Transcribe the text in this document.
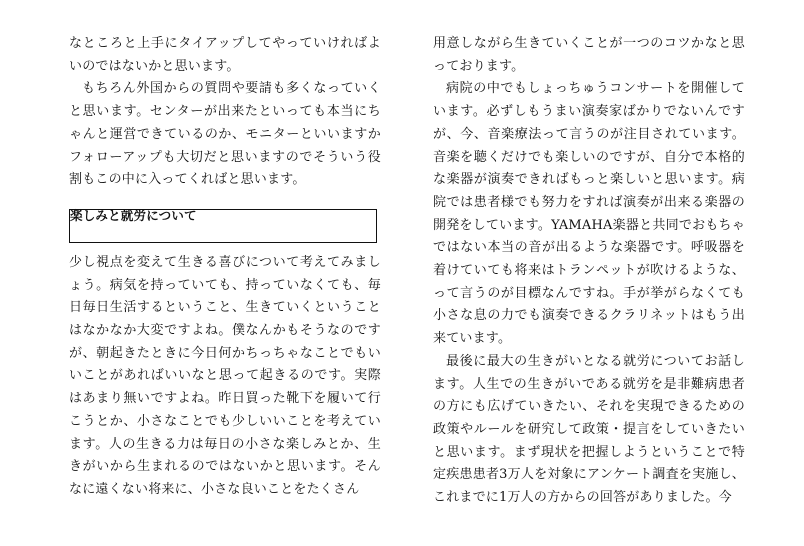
なところと上手にタイアップしてやっていければよいのではないかと思います。

もちろん外国からの質問や要請も多くなっていくと思います。センターが出来たといっても本当にちゃんと運営できているのか、モニターといいますかフォローアップも大切だと思いますのでそういう役割もこの中に入ってくればと思います。

楽しみと就労について

少し視点を変えて生きる喜びについて考えてみましょう。病気を持っていても、持っていなくても、毎日毎日生活するということ、生きていくということはなかなか大変ですよね。僕なんかもそうなのですが、朝起きたときに今日何かちっちゃなことでもいいことがあればいいなと思って起きるのです。実際はあまり無いですよね。昨日買った靴下を履いて行こうとか、小さなことでも少しいいことを考えています。人の生きる力は毎日の小さな楽しみとか、生きがいから生まれるのではないかと思います。そんなに遠くない将来に、小さな良いことをたくさん

用意しながら生きていくことが一つのコツかなと思っております。

病院の中でもしょっちゅうコンサートを開催しています。必ずしもうまい演奏家ばかりでないんですが、今、音楽療法って言うのが注目されています。音楽を聴くだけでも楽しいのですが、自分で本格的な楽器が演奏できればもっと楽しいと思います。病院では患者様でも努力をすれば演奏が出来る楽器の開発をしています。YAMAHA楽器と共同でおもちゃではない本当の音が出るような楽器です。呼吸器を着けていても将来はトランペットが吹けるような、って言うのが目標なんですね。手が挙がらなくても小さな息の力でも演奏できるクラリネットはもう出来ています。

最後に最大の生きがいとなる就労についてお話します。人生での生きがいである就労を是非難病患者の方にも広げていきたい、それを実現できるための政策やルールを研究して政策・提言をしていきたいと思います。まず現状を把握しようということで特定疾患患者3万人を対象にアンケート調査を実施し、これまでに1万人の方からの回答がありました。今
